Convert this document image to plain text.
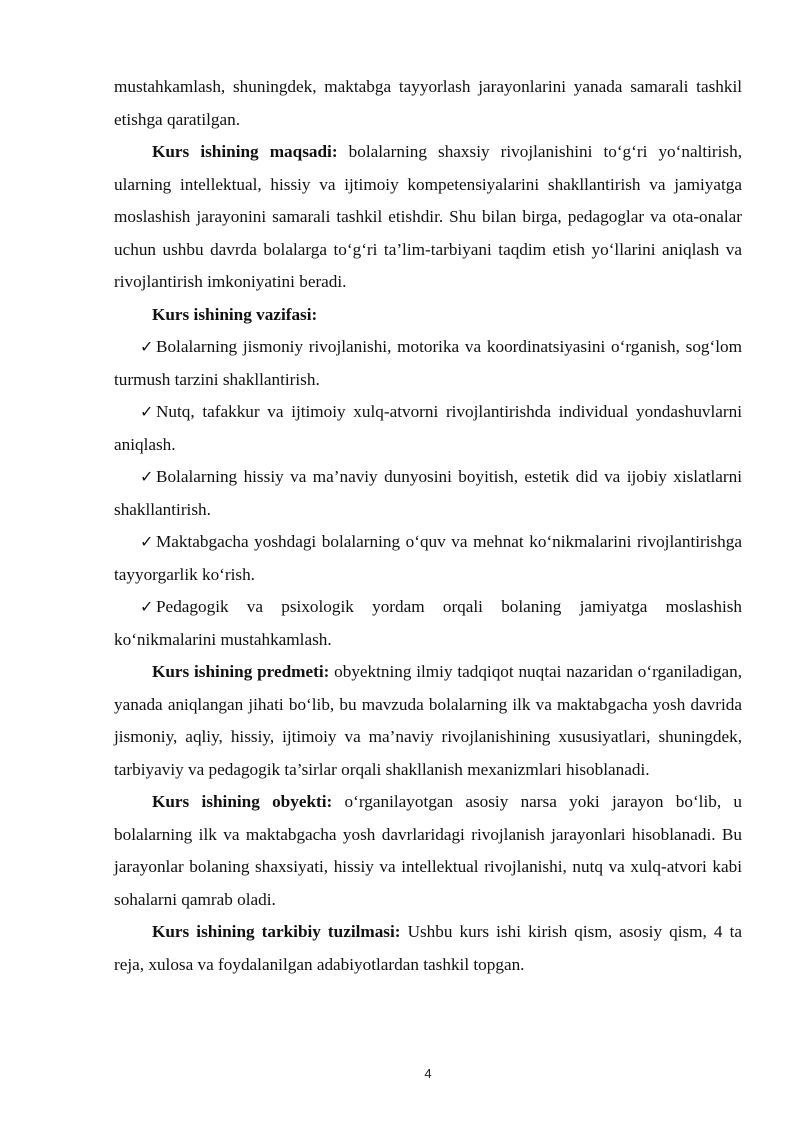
mustahkamlash, shuningdek, maktabga tayyorlash jarayonlarini yanada samarali tashkil etishga qaratilgan.

Kurs ishining maqsadi: bolalarning shaxsiy rivojlanishini to‘g‘ri yo‘naltirish, ularning intellektual, hissiy va ijtimoiy kompetensiyalarini shakllantirish va jamiyatga moslashish jarayonini samarali tashkil etishdir. Shu bilan birga, pedagoglar va ota-onalar uchun ushbu davrda bolalarga to‘g‘ri ta’lim-tarbiyani taqdim etish yo‘llarini aniqlash va rivojlantirish imkoniyatini beradi.

Kurs ishining vazifasi:

✓ Bolalarning jismoniy rivojlanishi, motorika va koordinatsiyasini o‘rganish, sog‘lom turmush tarzini shakllantirish.

✓ Nutq, tafakkur va ijtimoiy xulq-atvorni rivojlantirishda individual yondashuvlarni aniqlash.

✓ Bolalarning hissiy va ma’naviy dunyosini boyitish, estetik did va ijobiy xislatlarni shakllantirish.

✓ Maktabgacha yoshdagi bolalarning o‘quv va mehnat ko‘nikmalarini rivojlantirishga tayyorgarlik ko‘rish.

✓ Pedagogik va psixologik yordam orqali bolaning jamiyatga moslashish ko‘nikmalarini mustahkamlash.

Kurs ishining predmeti: obyektning ilmiy tadqiqot nuqtai nazaridan o‘rganiladigan, yanada aniqlangan jihati bo‘lib, bu mavzuda bolalarning ilk va maktabgacha yosh davrida jismoniy, aqliy, hissiy, ijtimoiy va ma’naviy rivojlanishining xususiyatlari, shuningdek, tarbiyaviy va pedagogik ta’sirlar orqali shakllanish mexanizmlari hisoblanadi.

Kurs ishining obyekti: o‘rganilayotgan asosiy narsa yoki jarayon bo‘lib, u bolalarning ilk va maktabgacha yosh davrlaridagi rivojlanish jarayonlari hisoblanadi. Bu jarayonlar bolaning shaxsiyati, hissiy va intellektual rivojlanishi, nutq va xulq-atvori kabi sohalarni qamrab oladi.

Kurs ishining tarkibiy tuzilmasi: Ushbu kurs ishi kirish qism, asosiy qism, 4 ta reja, xulosa va foydalanilgan adabiyotlardan tashkil topgan.

4
